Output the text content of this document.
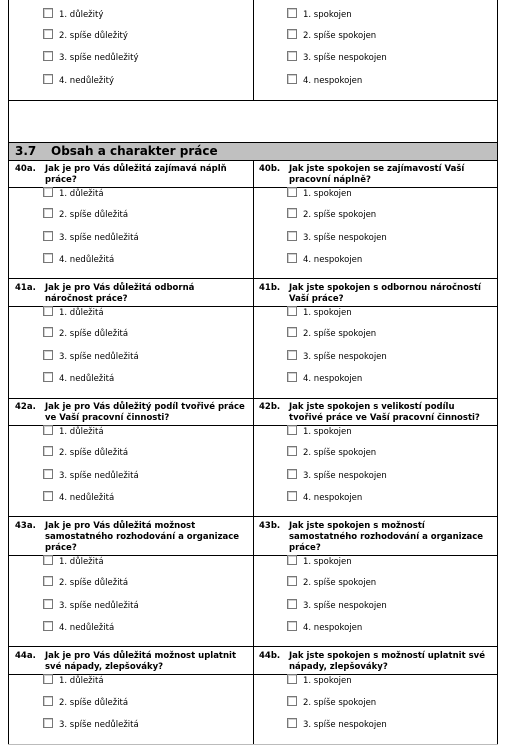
1. důležitý
2. spíše důležitý
3. spíše nedůležitý
4. nedůležitý
1. spokojen
2. spíše spokojen
3. spíše nespokojen
4. nespokojen
3.7 Obsah a charakter práce
40a. Jak je pro Vás důležitá zajímavá náplň práce?
40b. Jak jste spokojen se zajímavostí Vaší pracovní náplně?
1. důležitá
2. spíše důležitá
3. spíše nedůležitá
4. nedůležitá
1. spokojen
2. spíše spokojen
3. spíše nespokojen
4. nespokojen
41a. Jak je pro Vás důležitá odborná náročnost práce?
41b. Jak jste spokojen s odbornou náročností Vaší práce?
1. důležitá
2. spíše důležitá
3. spíše nedůležitá
4. nedůležitá
1. spokojen
2. spíše spokojen
3. spíše nespokojen
4. nespokojen
42a. Jak je pro Vás důležitý podíl tvořivé práce ve Vaší pracovní činnosti?
42b. Jak jste spokojen s velikostí podílu tvořivé práce ve Vaší pracovní činnosti?
1. důležitá
2. spíše důležitá
3. spíše nedůležitá
4. nedůležitá
1. spokojen
2. spíše spokojen
3. spíše nespokojen
4. nespokojen
43a. Jak je pro Vás důležitá možnost samostatného rozhodování a organizace práce?
43b. Jak jste spokojen s možností samostatného rozhodování a organizace práce?
1. důležitá
2. spíše důležitá
3. spíše nedůležitá
4. nedůležitá
1. spokojen
2. spíše spokojen
3. spíše nespokojen
4. nespokojen
44a. Jak je pro Vás důležitá možnost uplatnit své nápady, zlepšováky?
44b. Jak jste spokojen s možností uplatnit své nápady, zlepšováky?
1. důležitá
2. spíše důležitá
3. spíše nedůležitá
1. spokojen
2. spíše spokojen
3. spíše nespokojen
